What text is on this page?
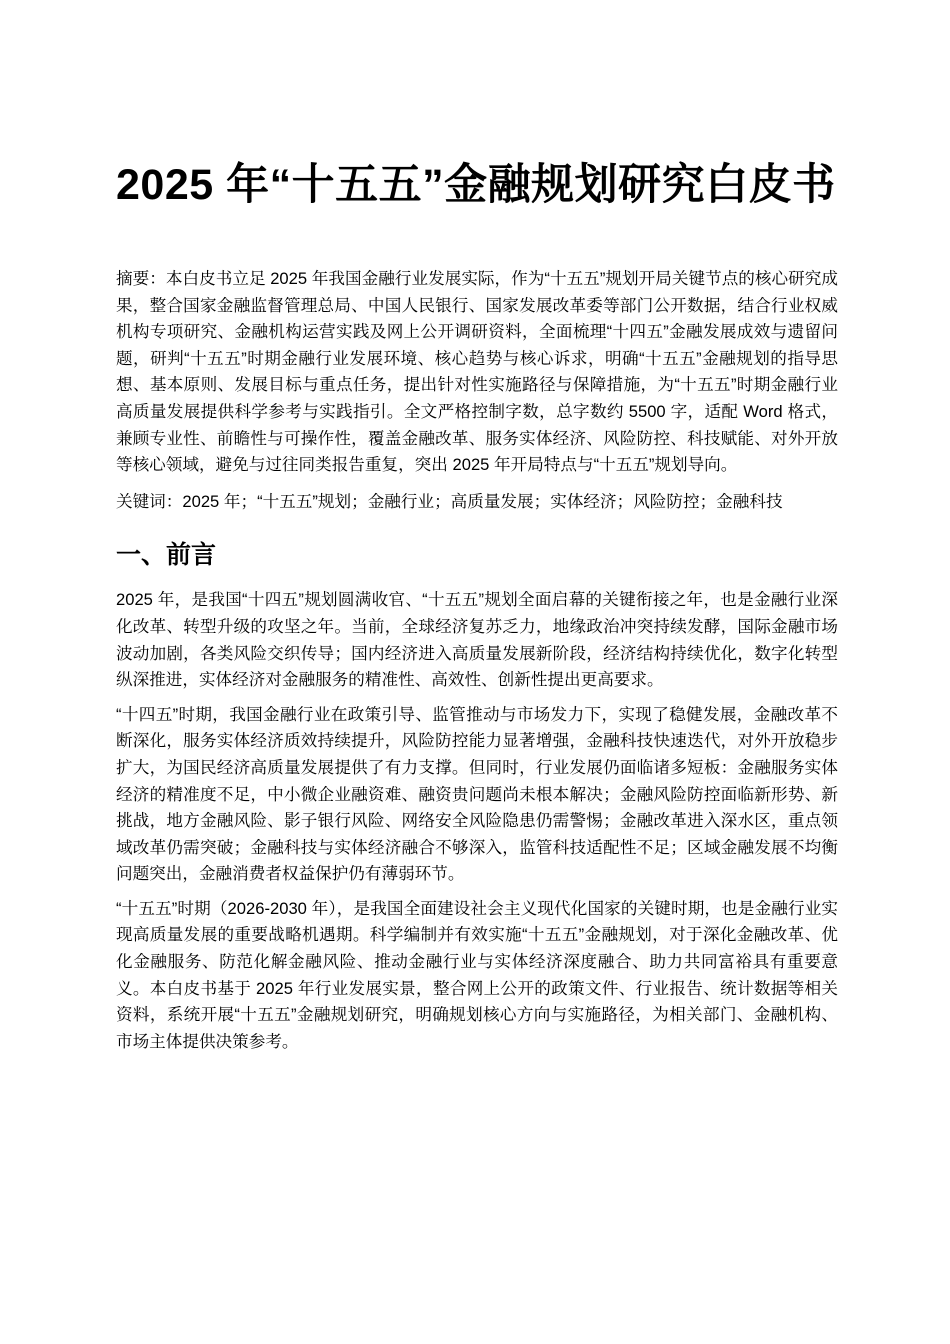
2025 年“十五五”金融规划研究白皮书

摘要：本白皮书立足 2025 年我国金融行业发展实际，作为“十五五”规划开局关键节点的核心研究成果，整合国家金融监督管理总局、中国人民银行、国家发展改革委等部门公开数据，结合行业权威机构专项研究、金融机构运营实践及网上公开调研资料，全面梳理“十四五”金融发展成效与遗留问题，研判“十五五”时期金融行业发展环境、核心趋势与核心诉求，明确“十五五”金融规划的指导思想、基本原则、发展目标与重点任务，提出针对性实施路径与保障措施，为“十五五”时期金融行业高质量发展提供科学参考与实践指引。全文严格控制字数，总字数约 5500 字，适配 Word 格式，兼顾专业性、前瞻性与可操作性，覆盖金融改革、服务实体经济、风险防控、科技赋能、对外开放等核心领域，避免与过往同类报告重复，突出 2025 年开局特点与“十五五”规划导向。

关键词：2025 年；“十五五”规划；金融行业；高质量发展；实体经济；风险防控；金融科技

一、前言

2025 年，是我国“十四五”规划圆满收官、“十五五”规划全面启幕的关键衔接之年，也是金融行业深化改革、转型升级的攻坚之年。当前，全球经济复苏乏力，地缘政治冲突持续发酵，国际金融市场波动加剧，各类风险交织传导；国内经济进入高质量发展新阶段，经济结构持续优化，数字化转型纵深推进，实体经济对金融服务的精准性、高效性、创新性提出更高要求。

“十四五”时期，我国金融行业在政策引导、监管推动与市场发力下，实现了稳健发展，金融改革不断深化，服务实体经济质效持续提升，风险防控能力显著增强，金融科技快速迭代，对外开放稳步扩大，为国民经济高质量发展提供了有力支撑。但同时，行业发展仍面临诸多短板：金融服务实体经济的精准度不足，中小微企业融资难、融资贵问题尚未根本解决；金融风险防控面临新形势、新挑战，地方金融风险、影子银行风险、网络安全风险隐患仍需警惕；金融改革进入深水区，重点领域改革仍需突破；金融科技与实体经济融合不够深入，监管科技适配性不足；区域金融发展不均衡问题突出，金融消费者权益保护仍有薄弱环节。

“十五五”时期（2026-2030 年），是我国全面建设社会主义现代化国家的关键时期，也是金融行业实现高质量发展的重要战略机遇期。科学编制并有效实施“十五五”金融规划，对于深化金融改革、优化金融服务、防范化解金融风险、推动金融行业与实体经济深度融合、助力共同富裕具有重要意义。本白皮书基于 2025 年行业发展实景，整合网上公开的政策文件、行业报告、统计数据等相关资料，系统开展“十五五”金融规划研究，明确规划核心方向与实施路径，为相关部门、金融机构、市场主体提供决策参考。
